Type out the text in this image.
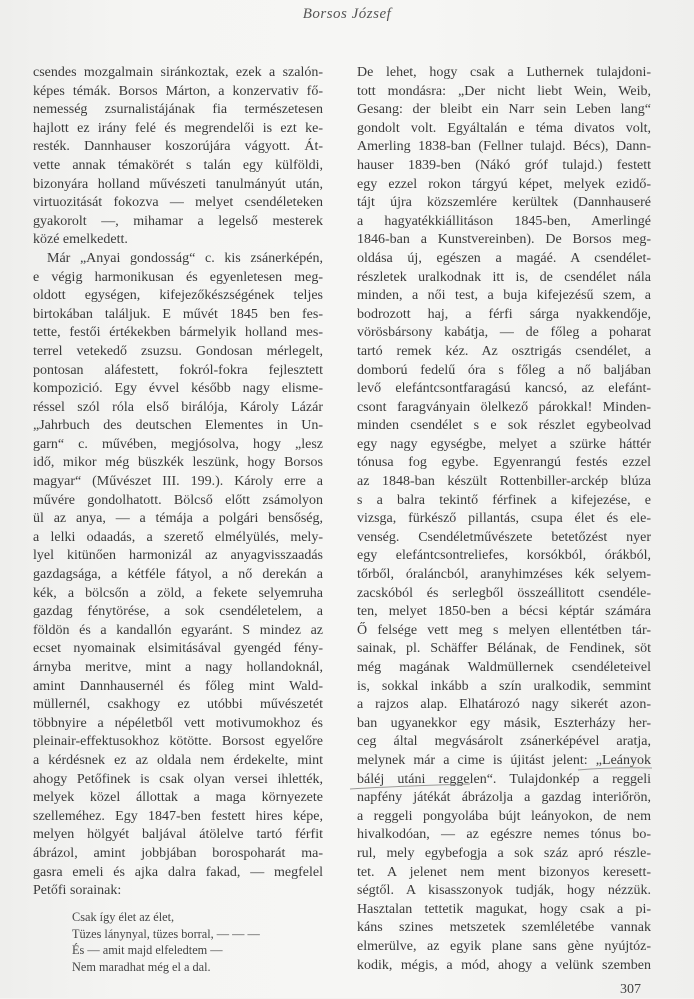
Borsos József
csendes mozgalmain siránkoztak, ezek a szalón-
képes témák. Borsos Márton, a konzervativ fő-
nemesség zsurnalistájának fia természetesen
hajlott ez irány felé és megrendelői is ezt ke-
resték. Dannhauser koszorújára vágyott. Át-
vette annak témakörét s talán egy külföldi,
bizonyára holland művészeti tanulmányút után,
virtuozitását fokozva — melyet csendéleteken
gyakorolt —, mihamar a legelső mesterek
közé emelkedett.
Már „Anyai gondosság“ c. kis zsánerképén,
e végig harmonikusan és egyenletesen meg-
oldott egységen, kifejezőkészségének teljes
birtokában találjuk. E művét 1845 ben fes-
tette, festői értékekben bármelyik holland mes-
terrel vetekedő zsuzsu. Gondosan mérlegelt,
pontosan aláfestett, fokról-fokra fejlesztett
kompozició. Egy évvel később nagy elisme-
réssel szól róla első birálója, Károly Lázár
„Jahrbuch des deutschen Elementes in Un-
garn“ c. művében, megjósolva, hogy „lesz
idő, mikor még büszkék leszünk, hogy Borsos
magyar“ (Művészet III. 199.). Károly erre a
művére gondolhatott. Bölcső előtt zsámolyon
ül az anya, — a témája a polgári bensőség,
a lelki odaadás, a szerető elmélyülés, mely-
lyel kitünően harmonizál az anyagvisszaadás
gazdagsága, a kétféle fátyol, a nő derekán a
kék, a bölcsőn a zöld, a fekete selyemruha
gazdag fénytörése, a sok csendéletelem, a
földön és a kandallón egyaránt. S mindez az
ecset nyomainak elsimitásával gyengéd fény-
árnyba meritve, mint a nagy hollandoknál,
amint Dannhausernél és főleg mint Wald-
müllernél, csakhogy ez utóbbi művészetét
többnyire a népéletből vett motivumokhoz és
pleinair-effektusokhoz kötötte. Borsost egyelőre
a kérdésnek ez az oldala nem érdekelte, mint
ahogy Petőfinek is csak olyan versei ihlették,
melyek közel állottak a maga környezete
szelleméhez. Egy 1847-ben festett hires képe,
melyen hölgyét baljával átölelve tartó férfit
ábrázol, amint jobbjában borospoharát ma-
gasra emeli és ajka dalra fakad, — megfelel
Petőfi sorainak:
De lehet, hogy csak a Luthernek tulajdoni-
tott mondásra: „Der nicht liebt Wein, Weib,
Gesang: der bleibt ein Narr sein Leben lang“
gondolt volt. Egyáltalán e téma divatos volt,
Amerling 1838-ban (Fellner tulajd. Bécs), Dann-
hauser 1839-ben (Nákó gróf tulajd.) festett
egy ezzel rokon tárgyú képet, melyek ezidő-
tájt újra közszemlére kerültek (Dannhauseré
a hagyatékkiállitáson 1845-ben, Amerlingé
1846-ban a Kunstvereinben). De Borsos meg-
oldása új, egészen a magáé. A csendélet-
részletek uralkodnak itt is, de csendélet nála
minden, a női test, a buja kifejezésű szem, a
bodrozott haj, a férfi sárga nyakkendője,
vörösbársony kabátja, — de főleg a poharat
tartó remek kéz. Az osztrigás csendélet, a
domború fedelű óra s főleg a nő baljában
levő elefántcsontfaragású kancsó, az elefánt-
csont faragványain ölelkező párokkal! Minden-
minden csendélet s e sok részlet egybeolvad
egy nagy egységbe, melyet a szürke háttér
tónusa fog egybe. Egyenrangú festés ezzel
az 1848-ban készült Rottenbiller-arckép blúza
s a balra tekintő férfinek a kifejezése, e
vizsga, fürkésző pillantás, csupa élet és ele-
venség. Csendéletművészete betetőzést nyer
egy elefántcsontreliefes, korsókból, órákból,
tőrből, óraláncból, aranyhimzéses kék selyem-
zacskóból és serlegből összeállitott csendéle-
ten, melyet 1850-ben a bécsi képtár számára
Ő felsége vett meg s melyen ellentétben tár-
sainak, pl. Schäffer Bélának, de Fendinek, söt
még magának Waldmüllernek csendéleteivel
is, sokkal inkább a szín uralkodik, semmint
a rajzos alap. Elhatározó nagy sikerét azon-
ban ugyanekkor egy másik, Eszterházy her-
ceg által megvásárolt zsánerképével aratja,
melynek már a cime is újitást jelent: „Leányok
báléj utáni reggelen“. Tulajdonkép a reggeli
napfény játékát ábrázolja a gazdag interiőrön,
a reggeli pongyolába bújt leányokon, de nem
hivalkodóan, — az egészre nemes tónus bo-
rul, mely egybefogja a sok száz apró részle-
tet. A jelenet nem ment bizonyos keresett-
ségtől. A kisasszonyok tudják, hogy nézzük.
Hasztalan tettetik magukat, hogy csak a pi-
káns szines metszetek szemléletébe vannak
elmerülve, az egyik plane sans gène nyújtóz-
kodik, mégis, a mód, ahogy a velünk szemben
Csak így élet az élet,
Tüzes lánynyal, tüzes borral, — — —
És — amit majd elfeledtem —
Nem maradhat még el a dal.
307
